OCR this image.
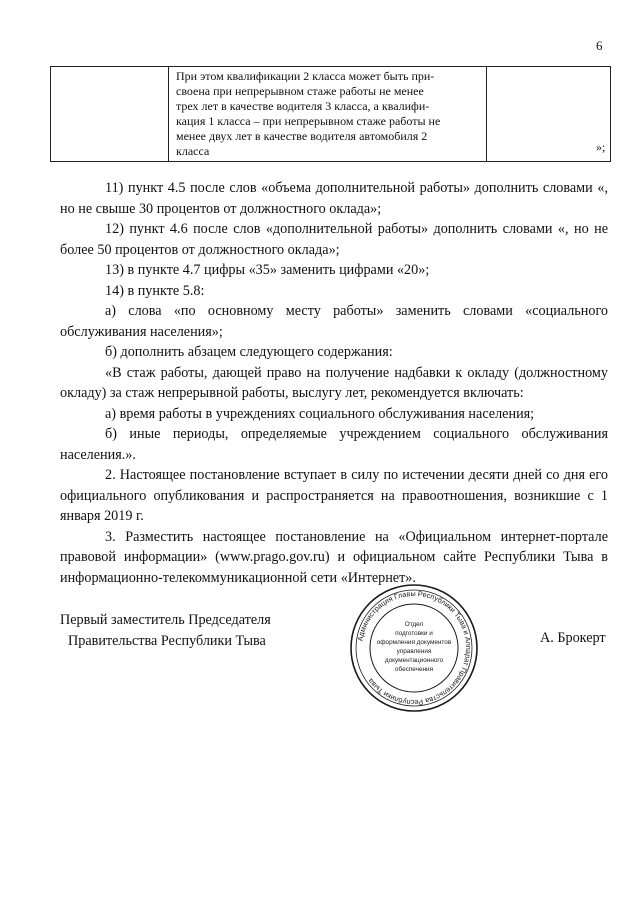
6

При этом квалификации 2 класса может быть при-
своена при непрерывном стаже работы не менее
трех лет в качестве водителя 3 класса, а квалифи-
кация 1 класса – при непрерывном стаже работы не
менее двух лет в качестве водителя автомобиля 2
класса
		»;

11) пункт 4.5 после слов «объема дополнительной работы» дополнить словами «, но не свыше 30 процентов от должностного оклада»;

12) пункт 4.6 после слов «дополнительной работы» дополнить словами «, но не более 50 процентов от должностного оклада»;

13) в пункте 4.7 цифры «35» заменить цифрами «20»;

14) в пункте 5.8:

а) слова «по основному месту работы» заменить словами «социального обслуживания населения»;

б) дополнить абзацем следующего содержания:

«В стаж работы, дающей право на получение надбавки к окладу (должностному окладу) за стаж непрерывной работы, выслугу лет, рекомендуется включать:

а) время работы в учреждениях социального обслуживания населения;

б) иные периоды, определяемые учреждением социального обслуживания населения.».

2. Настоящее постановление вступает в силу по истечении десяти дней со дня его официального опубликования и распространяется на правоотношения, возникшие с 1 января 2019 г.

3. Разместить настоящее постановление на «Официальном интернет-портале правовой информации» (www.prago.gov.ru) и официальном сайте Республики Тыва в информационно-телекоммуникационной сети «Интернет».

Первый заместитель Председателя
Правительства Республики Тыва	Администрация Главы Республики Тыва и Аппарат Правительства Республики Тыва
Отдел
подготовки и
оформления документов
управления
документационного
обеспечения
А. Брокерт
